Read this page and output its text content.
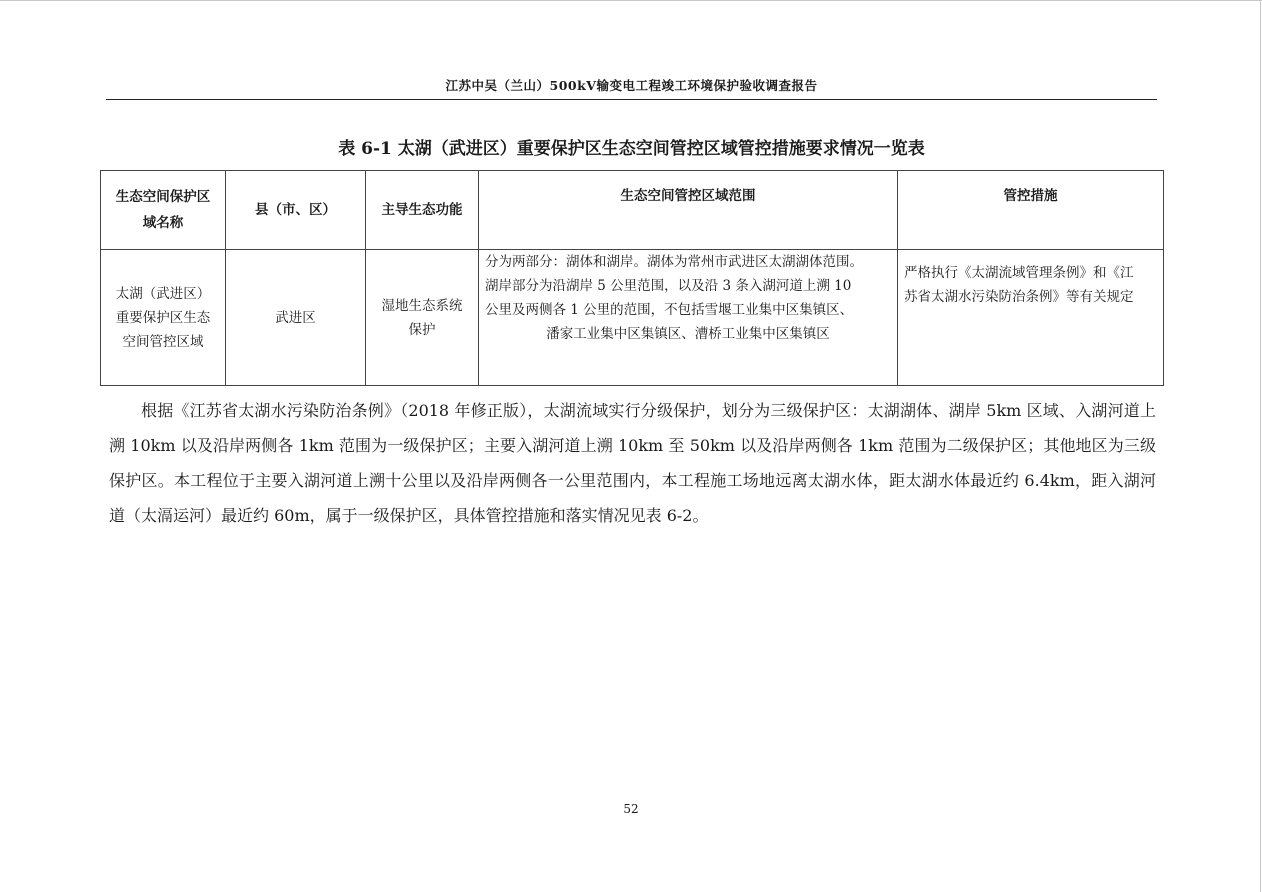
江苏中吴（兰山）500kV输变电工程竣工环境保护验收调查报告
表 6-1 太湖（武进区）重要保护区生态空间管控区域管控措施要求情况一览表
生态空间保护区
域名称	县（市、区）	主导生态功能	生态空间管控区域范围	管控措施

太湖（武进区）
重要保护区生态
空间管控区域	武进区	湿地生态系统
保护	分为两部分：湖体和湖岸。湖体为常州市武进区太湖湖体范围。
湖岸部分为沿湖岸 5 公里范围，以及沿 3 条入湖河道上溯 10
公里及两侧各 1 公里的范围，不包括雪堰工业集中区集镇区、
潘家工业集中区集镇区、漕桥工业集中区集镇区	严格执行《太湖流域管理条例》和《江
苏省太湖水污染防治条例》等有关规定

根据《江苏省太湖水污染防治条例》（2018 年修正版），太湖流域实行分级保护，划分为三级保护区：太湖湖体、湖岸 5km 区域、入湖河道上溯 10km 以及沿岸两侧各 1km 范围为一级保护区；主要入湖河道上溯 10km 至 50km 以及沿岸两侧各 1km 范围为二级保护区；其他地区为三级保护区。本工程位于主要入湖河道上溯十公里以及沿岸两侧各一公里范围内，本工程施工场地远离太湖水体，距太湖水体最近约 6.4km，距入湖河道（太滆运河）最近约 60m，属于一级保护区，具体管控措施和落实情况见表 6-2。

52
